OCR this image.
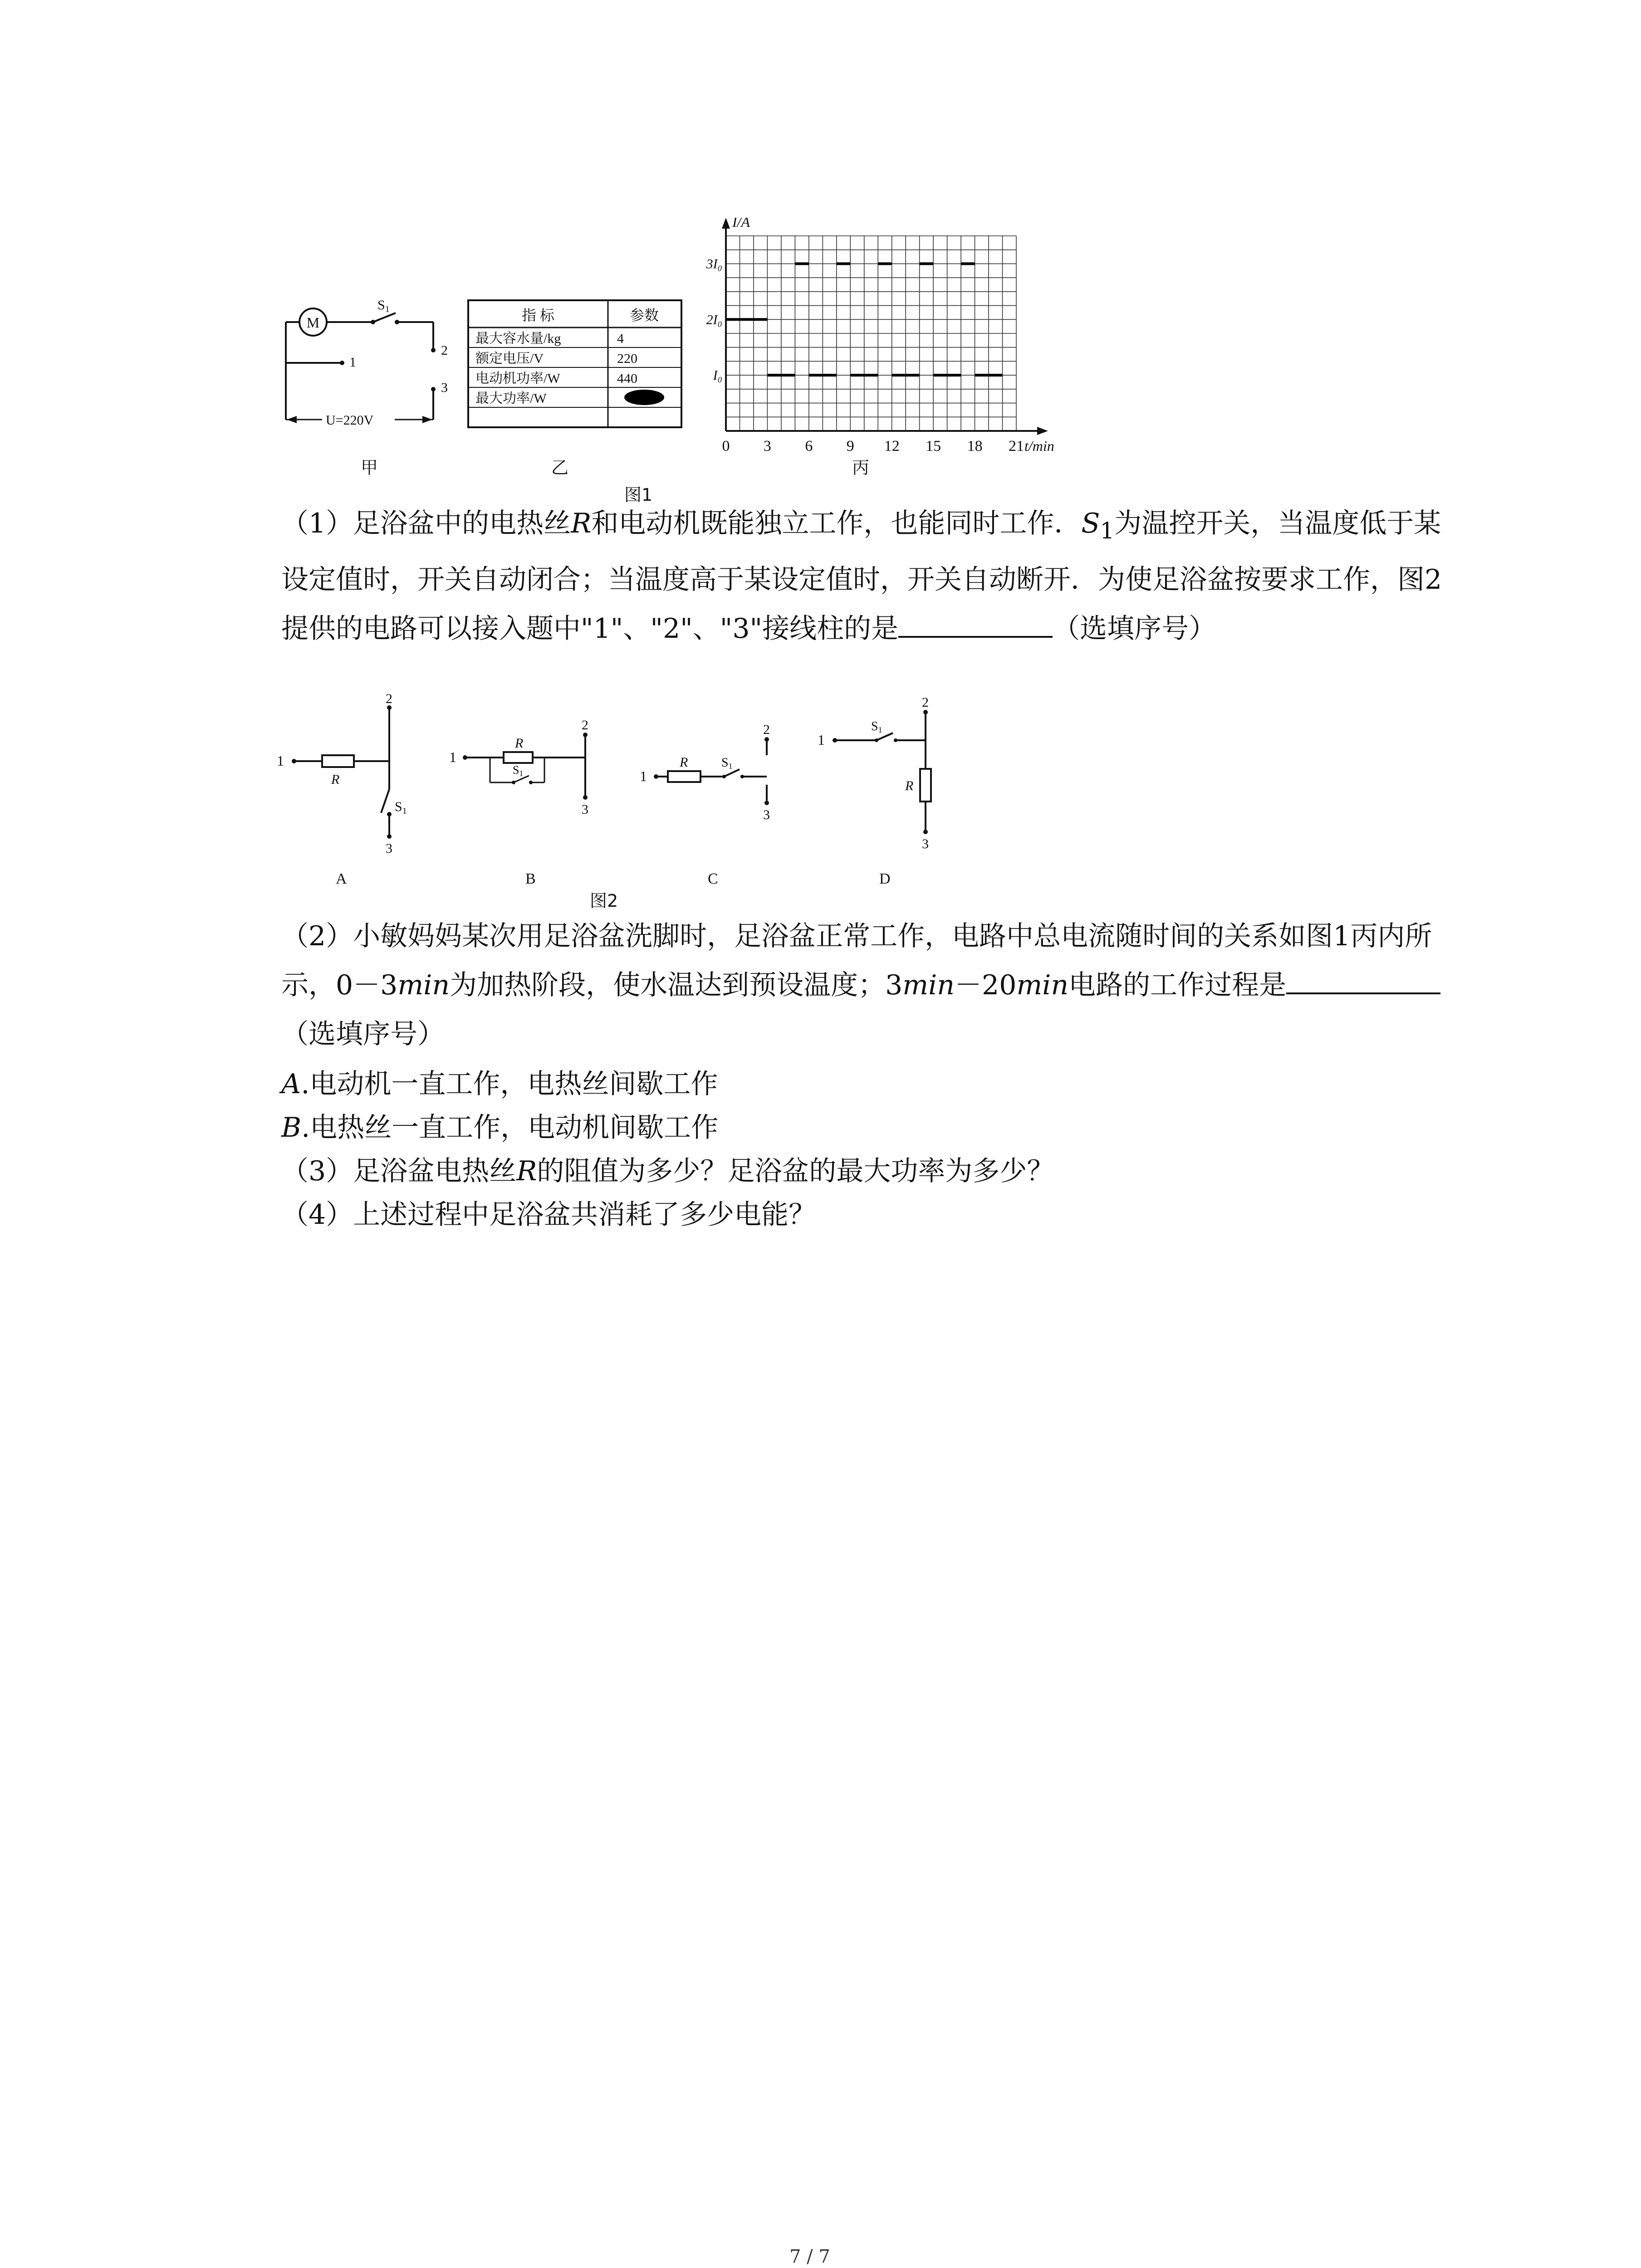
M
$S_1$
2
1
3
U=220V
甲
指 标	参数
最大容水量/kg	4
额定电压/V	220
电动机功率/W	440
最大功率/W
乙
0 3 6 9 12 15 18 21
I₀
2I₀
3I₀
I/A
t/min
丙
图1
（1）足浴盆中的电热丝R和电动机既能独立工作，也能同时工作．$S_1$为温控开关，当温度低于某设定值时，开关自动闭合；当温度高于某设定值时，开关自动断开．为使足浴盆按要求工作，图2提供的电路可以接入题中"1"、"2"、"3"接线柱的是	（选填序号）
1
R
2
$S_1$
3
A
1
R
S1
2
3
B
1
R	S1
2
3
C
1
S1
2
R
3
D
图2
（2）小敏妈妈某次用足浴盆洗脚时，足浴盆正常工作，电路中总电流随时间的关系如图1丙内所示，0－3min为加热阶段，使水温达到预设温度；3min－20min电路的工作过程是（选填序号）
A.电动机一直工作，电热丝间歇工作
B.电热丝一直工作，电动机间歇工作
（3）足浴盆电热丝R的阻值为多少？足浴盆的最大功率为多少？
（4）上述过程中足浴盆共消耗了多少电能？
7 / 7
